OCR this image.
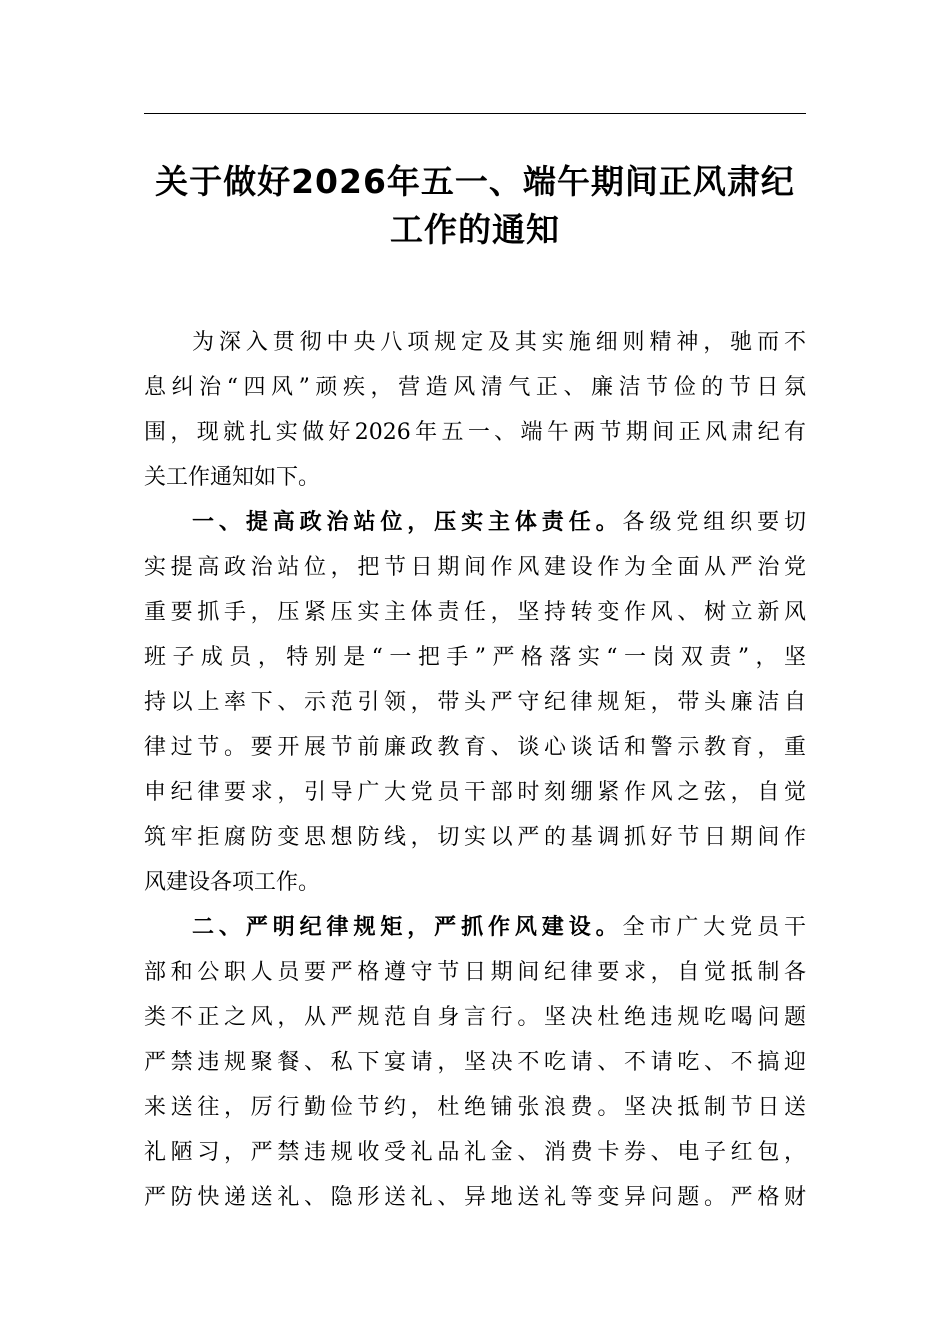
关于做好2026年五一、端午期间正风肃纪
工作的通知
为深入贯彻中央八项规定及其实施细则精神，驰而不
息纠治“四风”顽疾，营造风清气正、廉洁节俭的节日氛
围，现就扎实做好2026年五一、端午两节期间正风肃纪有
关工作通知如下。
一、提高政治站位，压实主体责任。各级党组织要切
实提高政治站位，把节日期间作风建设作为全面从严治党
重要抓手，压紧压实主体责任，坚持转变作风、树立新风
班子成员，特别是“一把手”严格落实“一岗双责”，坚
持以上率下、示范引领，带头严守纪律规矩，带头廉洁自
律过节。要开展节前廉政教育、谈心谈话和警示教育，重
申纪律要求，引导广大党员干部时刻绷紧作风之弦，自觉
筑牢拒腐防变思想防线，切实以严的基调抓好节日期间作
风建设各项工作。
二、严明纪律规矩，严抓作风建设。全市广大党员干
部和公职人员要严格遵守节日期间纪律要求，自觉抵制各
类不正之风，从严规范自身言行。坚决杜绝违规吃喝问题
严禁违规聚餐、私下宴请，坚决不吃请、不请吃、不搞迎
来送往，厉行勤俭节约，杜绝铺张浪费。坚决抵制节日送
礼陋习，严禁违规收受礼品礼金、消费卡券、电子红包，
严防快递送礼、隐形送礼、异地送礼等变异问题。严格财
